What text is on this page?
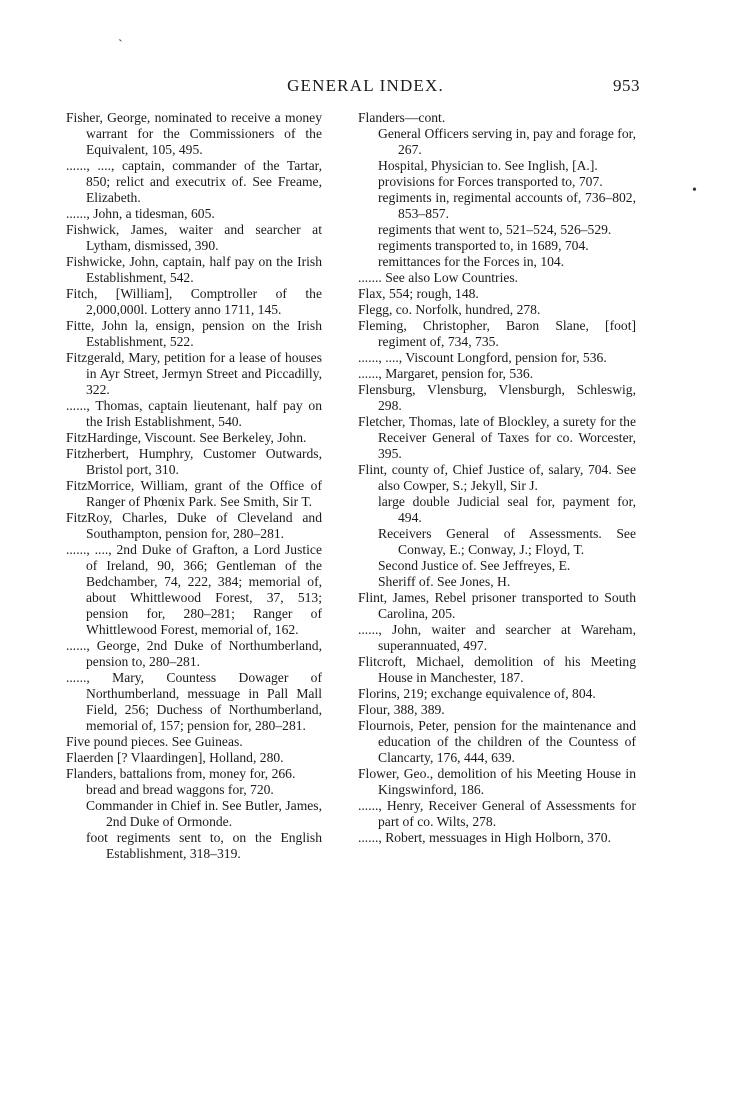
ˋ
GENERAL INDEX.	953
Fisher, George, nominated to receive a money warrant for the Commissioners of the Equivalent, 105, 495.
......, ...., captain, commander of the Tartar, 850; relict and executrix of. See Freame, Elizabeth.
......, John, a tidesman, 605.
Fishwick, James, waiter and searcher at Lytham, dismissed, 390.
Fishwicke, John, captain, half pay on the Irish Establishment, 542.
Fitch, [William], Comptroller of the 2,000,000l. Lottery anno 1711, 145.
Fitte, John la, ensign, pension on the Irish Establishment, 522.
Fitzgerald, Mary, petition for a lease of houses in Ayr Street, Jermyn Street and Piccadilly, 322.
......, Thomas, captain lieutenant, half pay on the Irish Establishment, 540.
FitzHardinge, Viscount. See Berkeley, John.
Fitzherbert, Humphry, Customer Outwards, Bristol port, 310.
FitzMorrice, William, grant of the Office of Ranger of Phœnix Park. See Smith, Sir T.
FitzRoy, Charles, Duke of Cleveland and Southampton, pension for, 280–281.
......, ...., 2nd Duke of Grafton, a Lord Justice of Ireland, 90, 366; Gentleman of the Bedchamber, 74, 222, 384; memorial of, about Whittlewood Forest, 37, 513; pension for, 280–281; Ranger of Whittlewood Forest, memorial of, 162.
......, George, 2nd Duke of Northumberland, pension to, 280–281.
......, Mary, Countess Dowager of Northumberland, messuage in Pall Mall Field, 256; Duchess of Northumberland, memorial of, 157; pension for, 280–281.
Five pound pieces. See Guineas.
Flaerden [? Vlaardingen], Holland, 280.
Flanders, battalions from, money for, 266.
bread and bread waggons for, 720.
Commander in Chief in. See Butler, James, 2nd Duke of Ormonde.
foot regiments sent to, on the English Establishment, 318–319.
Flanders—cont.
General Officers serving in, pay and forage for, 267.
Hospital, Physician to. See Inglish, [A.].
provisions for Forces transported to, 707.
regiments in, regimental accounts of, 736–802, 853–857.
regiments that went to, 521–524, 526–529.
regiments transported to, in 1689, 704.
remittances for the Forces in, 104.
....... See also Low Countries.
Flax, 554; rough, 148.
Flegg, co. Norfolk, hundred, 278.
Fleming, Christopher, Baron Slane, [foot] regiment of, 734, 735.
......, ...., Viscount Longford, pension for, 536.
......, Margaret, pension for, 536.
Flensburg, Vlensburg, Vlensburgh, Schleswig, 298.
Fletcher, Thomas, late of Blockley, a surety for the Receiver General of Taxes for co. Worcester, 395.
Flint, county of, Chief Justice of, salary, 704. See also Cowper, S.; Jekyll, Sir J.
large double Judicial seal for, payment for, 494.
Receivers General of Assessments. See Conway, E.; Conway, J.; Floyd, T.
Second Justice of. See Jeffreyes, E.
Sheriff of. See Jones, H.
Flint, James, Rebel prisoner transported to South Carolina, 205.
......, John, waiter and searcher at Wareham, superannuated, 497.
Flitcroft, Michael, demolition of his Meeting House in Manchester, 187.
Florins, 219; exchange equivalence of, 804.
Flour, 388, 389.
Flournois, Peter, pension for the maintenance and education of the children of the Countess of Clancarty, 176, 444, 639.
Flower, Geo., demolition of his Meeting House in Kingswinford, 186.
......, Henry, Receiver General of Assessments for part of co. Wilts, 278.
......, Robert, messuages in High Holborn, 370.
•
